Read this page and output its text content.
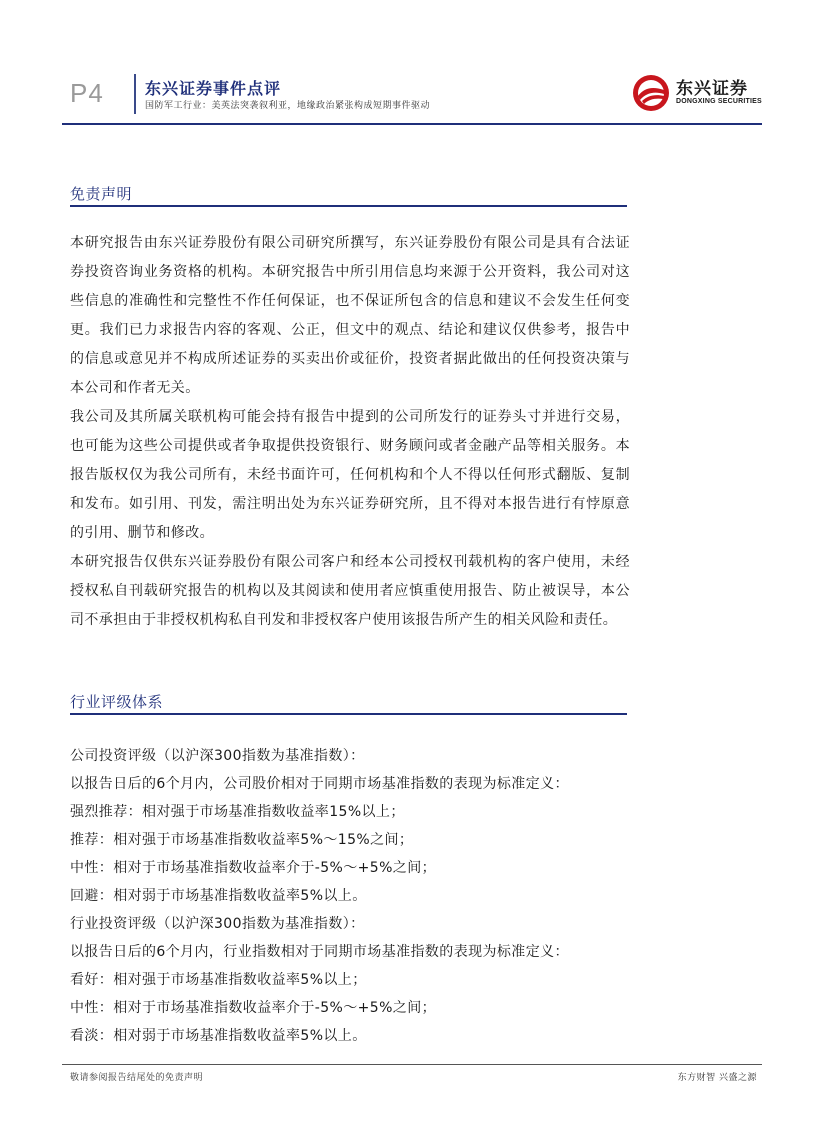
P4	东兴证券事件点评
国防军工行业：美英法突袭叙利亚，地缘政治紧张构成短期事件驱动
东兴证券
DONGXING SECURITIES
免责声明

本研究报告由东兴证券股份有限公司研究所撰写，东兴证券股份有限公司是具有合法证券投资咨询业务资格的机构。本研究报告中所引用信息均来源于公开资料，我公司对这些信息的准确性和完整性不作任何保证，也不保证所包含的信息和建议不会发生任何变更。我们已力求报告内容的客观、公正，但文中的观点、结论和建议仅供参考，报告中的信息或意见并不构成所述证券的买卖出价或征价，投资者据此做出的任何投资决策与本公司和作者无关。

我公司及其所属关联机构可能会持有报告中提到的公司所发行的证券头寸并进行交易，也可能为这些公司提供或者争取提供投资银行、财务顾问或者金融产品等相关服务。本报告版权仅为我公司所有，未经书面许可，任何机构和个人不得以任何形式翻版、复制和发布。如引用、刊发，需注明出处为东兴证券研究所，且不得对本报告进行有悖原意的引用、删节和修改。

本研究报告仅供东兴证券股份有限公司客户和经本公司授权刊载机构的客户使用，未经授权私自刊载研究报告的机构以及其阅读和使用者应慎重使用报告、防止被误导，本公司不承担由于非授权机构私自刊发和非授权客户使用该报告所产生的相关风险和责任。

行业评级体系
公司投资评级（以沪深300指数为基准指数）：
以报告日后的6个月内，公司股价相对于同期市场基准指数的表现为标准定义：
强烈推荐：相对强于市场基准指数收益率15%以上；
推荐：相对强于市场基准指数收益率5%～15%之间；
中性：相对于市场基准指数收益率介于-5%～+5%之间；
回避：相对弱于市场基准指数收益率5%以上。
行业投资评级（以沪深300指数为基准指数）：
以报告日后的6个月内，行业指数相对于同期市场基准指数的表现为标准定义：
看好：相对强于市场基准指数收益率5%以上；
中性：相对于市场基准指数收益率介于-5%～+5%之间；
看淡：相对弱于市场基准指数收益率5%以上。
敬请参阅报告结尾处的免责声明	东方财智 兴盛之源
